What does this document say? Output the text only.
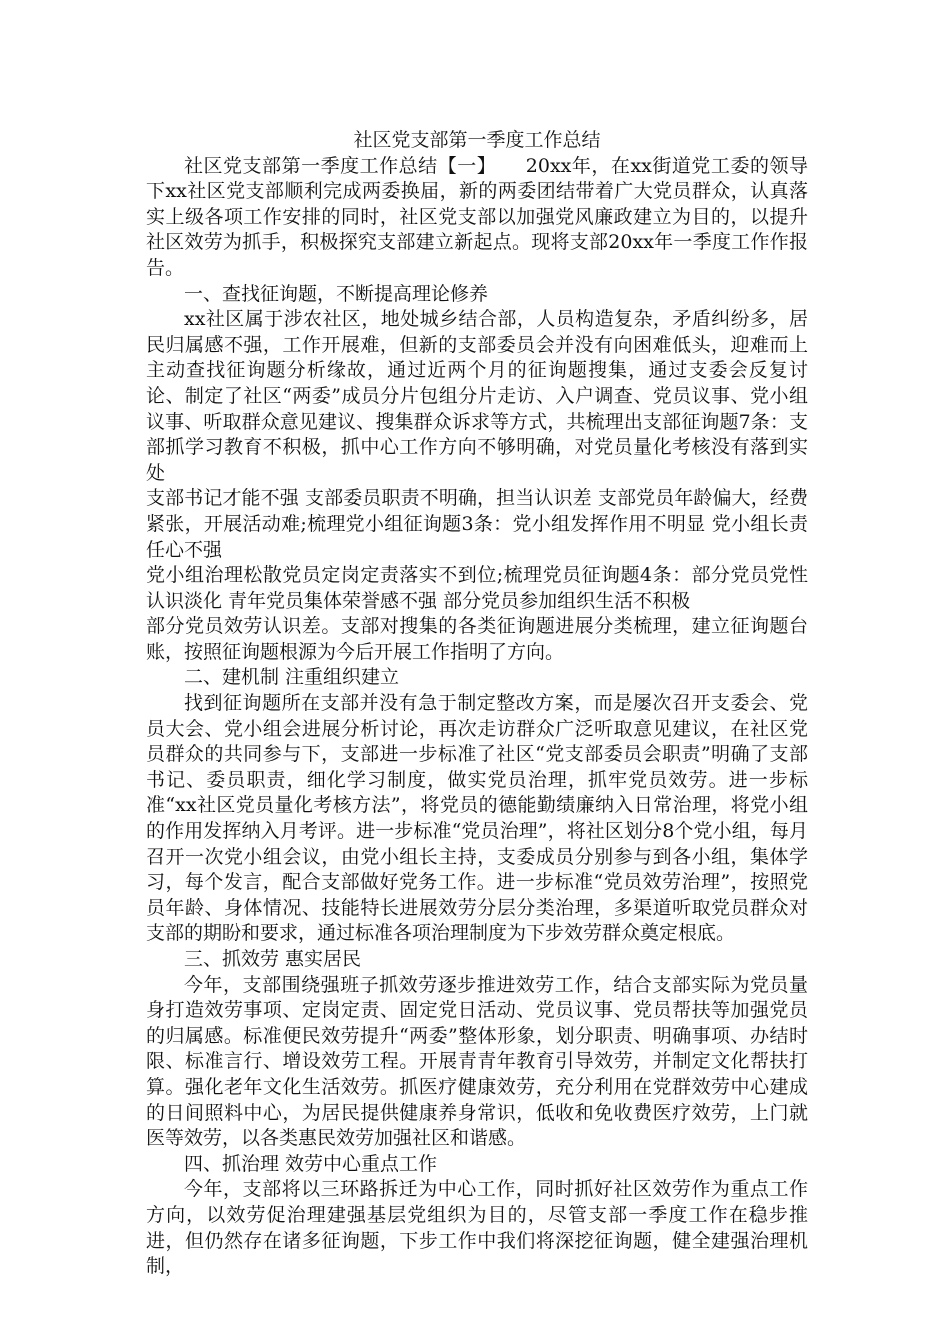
社区党支部第一季度工作总结

社区党支部第一季度工作总结【一】　　20xx年，在xx街道党工委的领导下xx社区党支部顺利完成两委换届，新的两委团结带着广大党员群众，认真落实上级各项工作安排的同时，社区党支部以加强党风廉政建立为目的，以提升社区效劳为抓手，积极探究支部建立新起点。现将支部20xx年一季度工作作报告。

一、查找征询题，不断提高理论修养

xx社区属于涉农社区，地处城乡结合部，人员构造复杂，矛盾纠纷多，居民归属感不强，工作开展难，但新的支部委员会并没有向困难低头，迎难而上主动查找征询题分析缘故，通过近两个月的征询题搜集，通过支委会反复讨论、制定了社区“两委”成员分片包组分片走访、入户调查、党员议事、党小组议事、听取群众意见建议、搜集群众诉求等方式，共梳理出支部征询题7条：支部抓学习教育不积极，抓中心工作方向不够明确，对党员量化考核没有落到实处

支部书记才能不强 支部委员职责不明确，担当认识差 支部党员年龄偏大，经费紧张，开展活动难;梳理党小组征询题3条：党小组发挥作用不明显 党小组长责任心不强

党小组治理松散党员定岗定责落实不到位;梳理党员征询题4条：部分党员党性认识淡化 青年党员集体荣誉感不强 部分党员参加组织生活不积极

部分党员效劳认识差。支部对搜集的各类征询题进展分类梳理，建立征询题台账，按照征询题根源为今后开展工作指明了方向。

二、建机制 注重组织建立

找到征询题所在支部并没有急于制定整改方案，而是屡次召开支委会、党员大会、党小组会进展分析讨论，再次走访群众广泛听取意见建议，在社区党员群众的共同参与下，支部进一步标准了社区“党支部委员会职责”明确了支部书记、委员职责，细化学习制度，做实党员治理，抓牢党员效劳。进一步标准“xx社区党员量化考核方法”，将党员的德能勤绩廉纳入日常治理，将党小组的作用发挥纳入月考评。进一步标准“党员治理”，将社区划分8个党小组，每月召开一次党小组会议，由党小组长主持，支委成员分别参与到各小组，集体学习，每个发言，配合支部做好党务工作。进一步标准“党员效劳治理”，按照党员年龄、身体情况、技能特长进展效劳分层分类治理，多渠道听取党员群众对支部的期盼和要求，通过标准各项治理制度为下步效劳群众奠定根底。

三、抓效劳 惠实居民

今年，支部围绕强班子抓效劳逐步推进效劳工作，结合支部实际为党员量身打造效劳事项、定岗定责、固定党日活动、党员议事、党员帮扶等加强党员的归属感。标准便民效劳提升“两委”整体形象，划分职责、明确事项、办结时限、标准言行、增设效劳工程。开展青青年教育引导效劳，并制定文化帮扶打算。强化老年文化生活效劳。抓医疗健康效劳，充分利用在党群效劳中心建成的日间照料中心，为居民提供健康养身常识，低收和免收费医疗效劳，上门就医等效劳，以各类惠民效劳加强社区和谐感。

四、抓治理 效劳中心重点工作

今年，支部将以三环路拆迁为中心工作，同时抓好社区效劳作为重点工作方向，以效劳促治理建强基层党组织为目的，尽管支部一季度工作在稳步推进，但仍然存在诸多征询题，下步工作中我们将深挖征询题，健全建强治理机制，
